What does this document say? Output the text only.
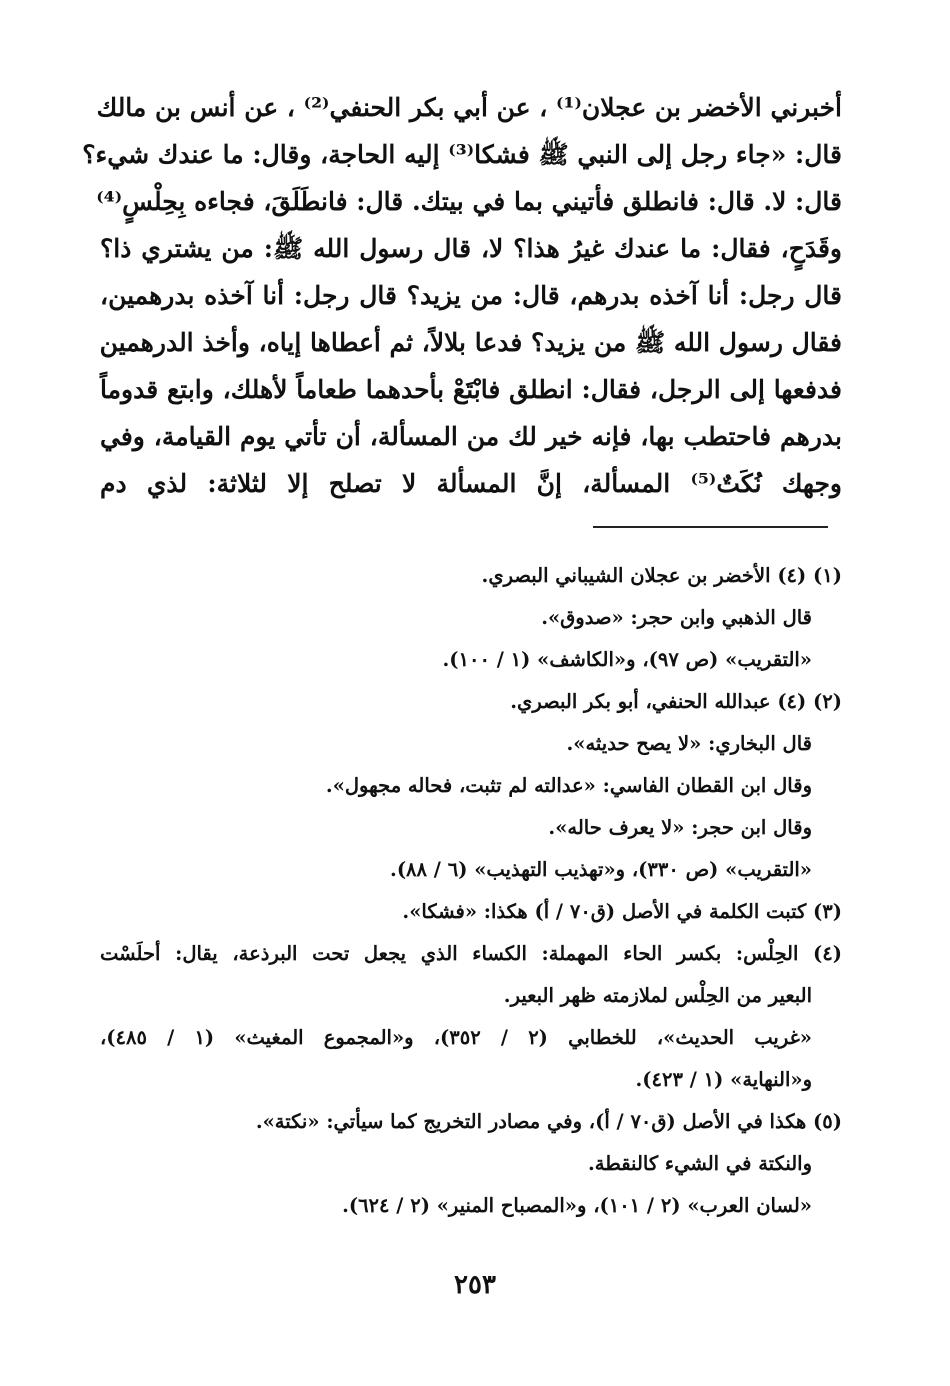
أخبرني الأخضر بن عجلان⁽¹⁾ ، عن أبي بكر الحنفي⁽²⁾ ، عن أنس بن مالك
قال: «جاء رجل إلى النبي ﷺ فشكا⁽³⁾ إليه الحاجة، وقال: ما عندك شيء؟
قال: لا. قال: فانطلق فأتيني بما في بيتك. قال: فانطَلَقَ، فجاءه بِحِلْسٍ⁽⁴⁾
وقَدَحٍ، فقال: ما عندك غيرُ هذا؟ لا، قال رسول الله ﷺ: من يشتري ذا؟
قال رجل: أنا آخذه بدرهم، قال: من يزيد؟ قال رجل: أنا آخذه بدرهمين،
فقال رسول الله ﷺ من يزيد؟ فدعا بلالاً، ثم أعطاها إياه، وأخذ الدرهمين
فدفعها إلى الرجل، فقال: انطلق فابْتَعْ بأحدهما طعاماً لأهلك، وابتع قدوماً
بدرهم فاحتطب بها، فإنه خير لك من المسألة، أن تأتي يوم القيامة، وفي
وجهك نُكَتٌ⁽⁵⁾ المسألة، إنَّ المسألة لا تصلح إلا لثلاثة: لذي دم
(١) (٤) الأخضر بن عجلان الشيباني البصري.
قال الذهبي وابن حجر: «صدوق».
«التقريب» (ص ٩٧)، و«الكاشف» (١ / ١٠٠).
(٢) (٤) عبدالله الحنفي، أبو بكر البصري.
قال البخاري: «لا يصح حديثه».
وقال ابن القطان الفاسي: «عدالته لم تثبت، فحاله مجهول».
وقال ابن حجر: «لا يعرف حاله».
«التقريب» (ص ٣٣٠)، و«تهذيب التهذيب» (٦ / ٨٨).
(٣) كتبت الكلمة في الأصل (ق٧٠ / أ) هكذا: «فشكا».
(٤) الحِلْس: بكسر الحاء المهملة: الكساء الذي يجعل تحت البرذعة، يقال: أحلَسْت
البعير من الحِلْس لملازمته ظهر البعير.
«غريب الحديث»، للخطابي (٢ / ٣٥٢)، و«المجموع المغيث» (١ / ٤٨٥)،
و«النهاية» (١ / ٤٢٣).
(٥) هكذا في الأصل (ق٧٠ / أ)، وفي مصادر التخريج كما سيأتي: «نكتة».
والنكتة في الشيء كالنقطة.
«لسان العرب» (٢ / ١٠١)، و«المصباح المنير» (٢ / ٦٢٤).
٢٥٣
